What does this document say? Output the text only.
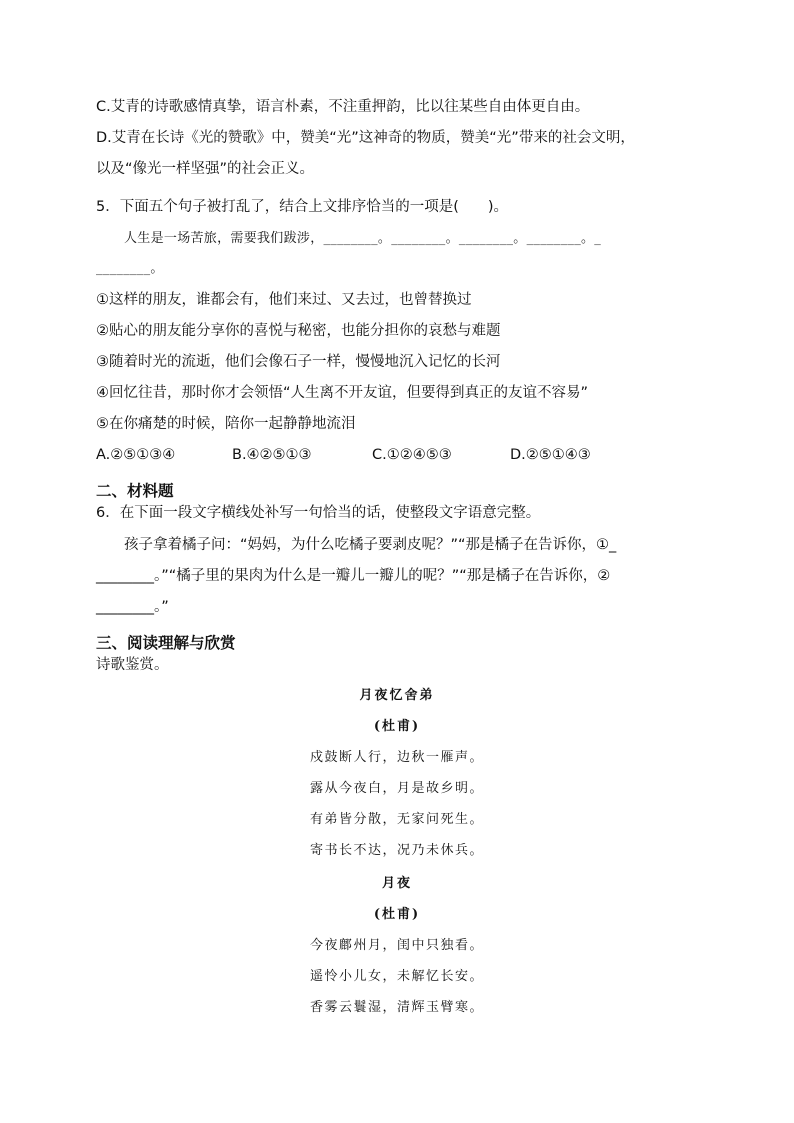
C.艾青的诗歌感情真挚，语言朴素，不注重押韵，比以往某些自由体更自由。
D.艾青在长诗《光的赞歌》中，赞美“光”这神奇的物质，赞美“光”带来的社会文明，
以及“像光一样坚强”的社会正义。
5．下面五个句子被打乱了，结合上文排序恰当的一项是(　　)。
人生是一场苦旅，需要我们跋涉，________。________。________。________。_
________。
①这样的朋友，谁都会有，他们来过、又去过，也曾替换过
②贴心的朋友能分享你的喜悦与秘密，也能分担你的哀愁与难题
③随着时光的流逝，他们会像石子一样，慢慢地沉入记忆的长河
④回忆往昔，那时你才会领悟“人生离不开友谊，但要得到真正的友谊不容易”
⑤在你痛楚的时候，陪你一起静静地流泪
A.②⑤①③④	B.④②⑤①③	C.①②④⑤③	D.②⑤①④③
二、材料题
6．在下面一段文字横线处补写一句恰当的话，使整段文字语意完整。
孩子拿着橘子问：“妈妈，为什么吃橘子要剥皮呢？”“那是橘子在告诉你，①_
________。”“橘子里的果肉为什么是一瓣儿一瓣儿的呢？”“那是橘子在告诉你，②
________。”
三、阅读理解与欣赏
诗歌鉴赏。
月夜忆舍弟
(杜甫)
戍鼓断人行，边秋一雁声。
露从今夜白，月是故乡明。
有弟皆分散，无家问死生。
寄书长不达，况乃未休兵。
月夜
(杜甫)
今夜鄜州月，闺中只独看。
遥怜小儿女，未解忆长安。
香雾云鬟湿，清辉玉臂寒。
